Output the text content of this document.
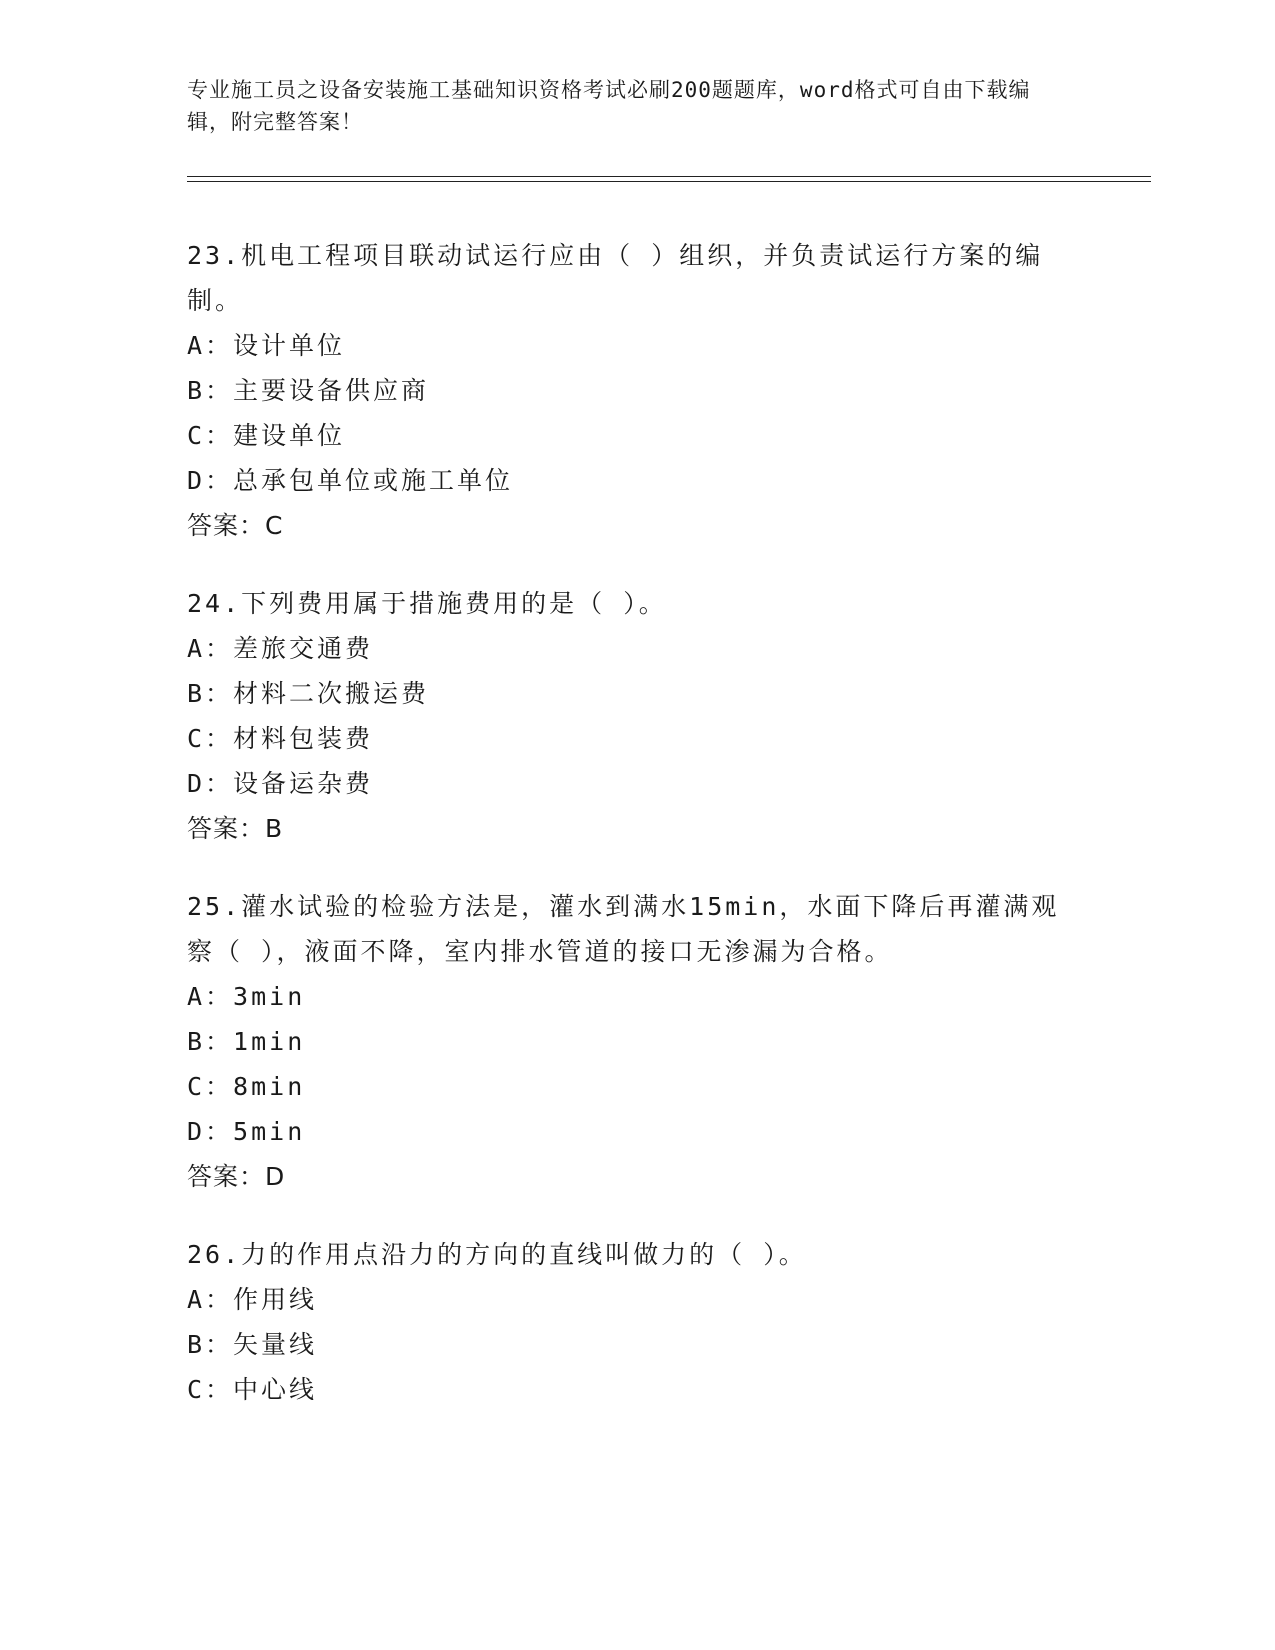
专业施工员之设备安装施工基础知识资格考试必刷200题题库，word格式可自由下载编辑，附完整答案！
23.机电工程项目联动试运行应由（ ）组织，并负责试运行方案的编制。
A：设计单位
B：主要设备供应商
C：建设单位
D：总承包单位或施工单位
答案：C
24.下列费用属于措施费用的是（ ）。
A：差旅交通费
B：材料二次搬运费
C：材料包装费
D：设备运杂费
答案：B
25.灌水试验的检验方法是，灌水到满水15min，水面下降后再灌满观察（ ），液面不降，室内排水管道的接口无渗漏为合格。
A：3min
B：1min
C：8min
D：5min
答案：D
26.力的作用点沿力的方向的直线叫做力的（ ）。
A：作用线
B：矢量线
C：中心线
